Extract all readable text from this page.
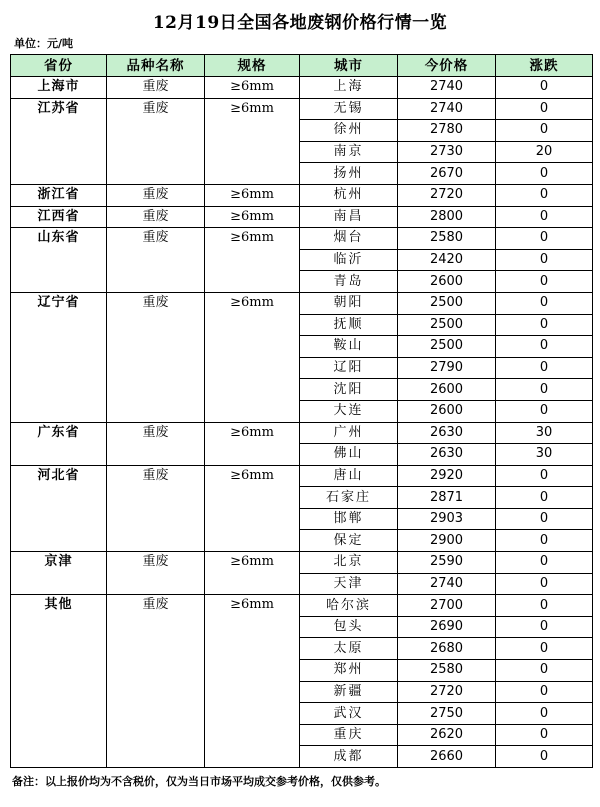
12月19日全国各地废钢价格行情一览
单位：元/吨
省份	品种名称	规格	城市	今价格	涨跌
上海市	重废	≥6mm	上海	2740	0
江苏省	重废	≥6mm	无锡	2740	0
			徐州	2780	0
			南京	2730	20
			扬州	2670	0
浙江省	重废	≥6mm	杭州	2720	0
江西省	重废	≥6mm	南昌	2800	0
山东省	重废	≥6mm	烟台	2580	0
			临沂	2420	0
			青岛	2600	0
辽宁省	重废	≥6mm	朝阳	2500	0
			抚顺	2500	0
			鞍山	2500	0
			辽阳	2790	0
			沈阳	2600	0
			大连	2600	0
广东省	重废	≥6mm	广州	2630	30
			佛山	2630	30
河北省	重废	≥6mm	唐山	2920	0
			石家庄	2871	0
			邯郸	2903	0
			保定	2900	0
京津	重废	≥6mm	北京	2590	0
			天津	2740	0
其他	重废	≥6mm	哈尔滨	2700	0
			包头	2690	0
			太原	2680	0
			郑州	2580	0
			新疆	2720	0
			武汉	2750	0
			重庆	2620	0
			成都	2660	0
备注：以上报价均为不含税价，仅为当日市场平均成交参考价格，仅供参考。
